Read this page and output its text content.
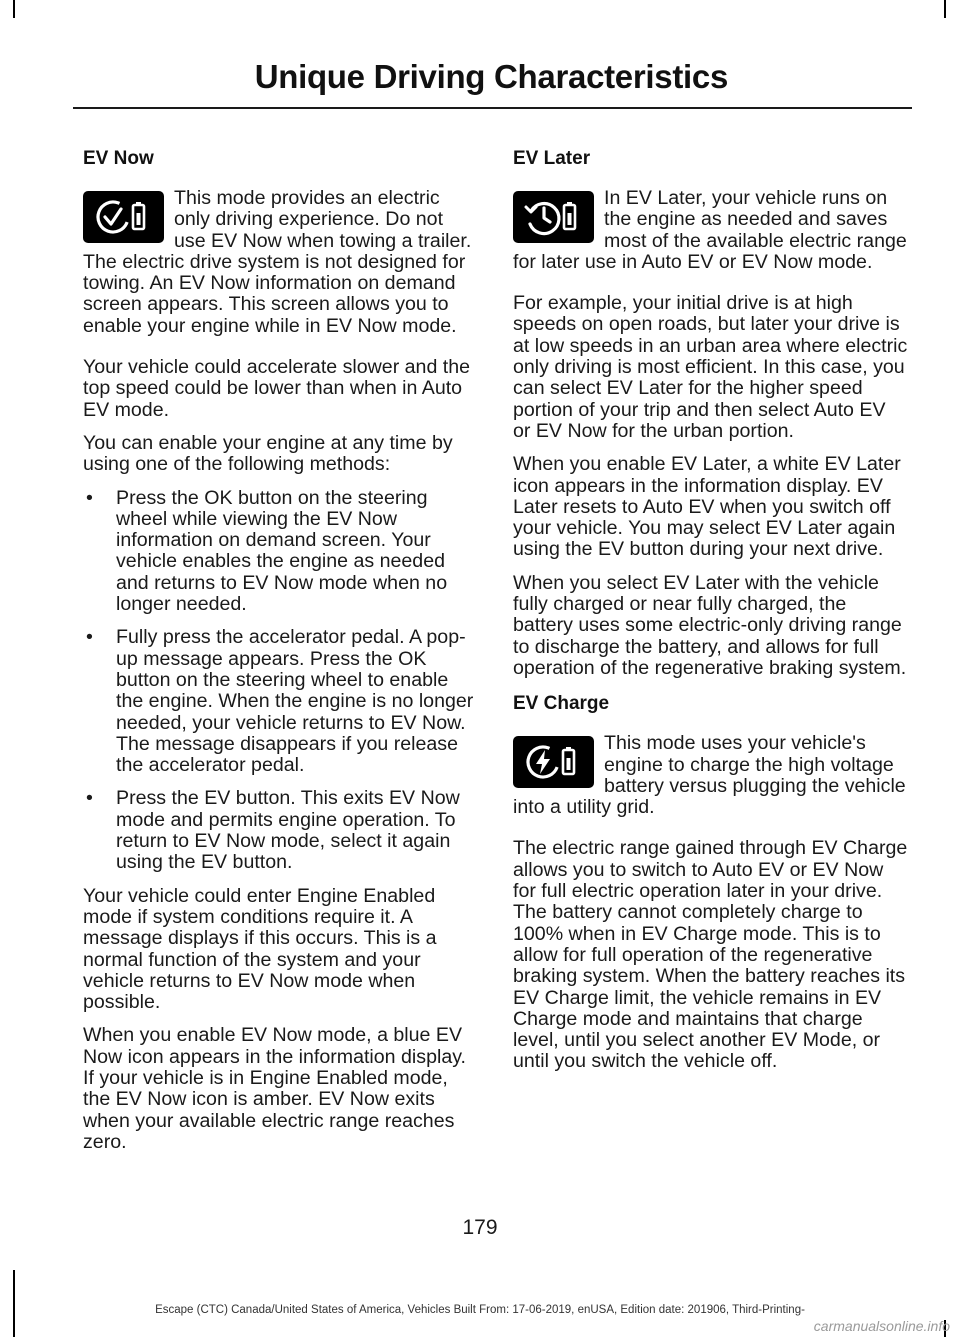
Unique Driving Characteristics
EV Now
This mode provides an electric only driving experience. Do not use EV Now when towing a trailer. The electric drive system is not designed for towing. An EV Now information on demand screen appears. This screen allows you to enable your engine while in EV Now mode.

Your vehicle could accelerate slower and the top speed could be lower than when in Auto EV mode.

You can enable your engine at any time by using one of the following methods:

• Press the OK button on the steering wheel while viewing the EV Now information on demand screen. Your vehicle enables the engine as needed and returns to EV Now mode when no longer needed.
• Fully press the accelerator pedal. A pop-up message appears. Press the OK button on the steering wheel to enable the engine. When the engine is no longer needed, your vehicle returns to EV Now. The message disappears if you release the accelerator pedal.
• Press the EV button. This exits EV Now mode and permits engine operation. To return to EV Now mode, select it again using the EV button.

Your vehicle could enter Engine Enabled mode if system conditions require it. A message displays if this occurs. This is a normal function of the system and your vehicle returns to EV Now mode when possible.

When you enable EV Now mode, a blue EV Now icon appears in the information display. If your vehicle is in Engine Enabled mode, the EV Now icon is amber. EV Now exits when your available electric range reaches zero.

EV Later
In EV Later, your vehicle runs on the engine as needed and saves most of the available electric range for later use in Auto EV or EV Now mode.

For example, your initial drive is at high speeds on open roads, but later your drive is at low speeds in an urban area where electric only driving is most efficient. In this case, you can select EV Later for the higher speed portion of your trip and then select Auto EV or EV Now for the urban portion.

When you enable EV Later, a white EV Later icon appears in the information display. EV Later resets to Auto EV when you switch off your vehicle. You may select EV Later again using the EV button during your next drive.

When you select EV Later with the vehicle fully charged or near fully charged, the battery uses some electric-only driving range to discharge the battery, and allows for full operation of the regenerative braking system.

EV Charge
This mode uses your vehicle's engine to charge the high voltage battery versus plugging the vehicle into a utility grid.

The electric range gained through EV Charge allows you to switch to Auto EV or EV Now for full electric operation later in your drive. The battery cannot completely charge to 100% when in EV Charge mode. This is to allow for full operation of the regenerative braking system. When the battery reaches its EV Charge limit, the vehicle remains in EV Charge mode and maintains that charge level, until you select another EV Mode, or until you switch the vehicle off.

179
Escape (CTC) Canada/United States of America, Vehicles Built From: 17-06-2019, enUSA, Edition date: 201906, Third-Printing-
carmanualsonline.info
